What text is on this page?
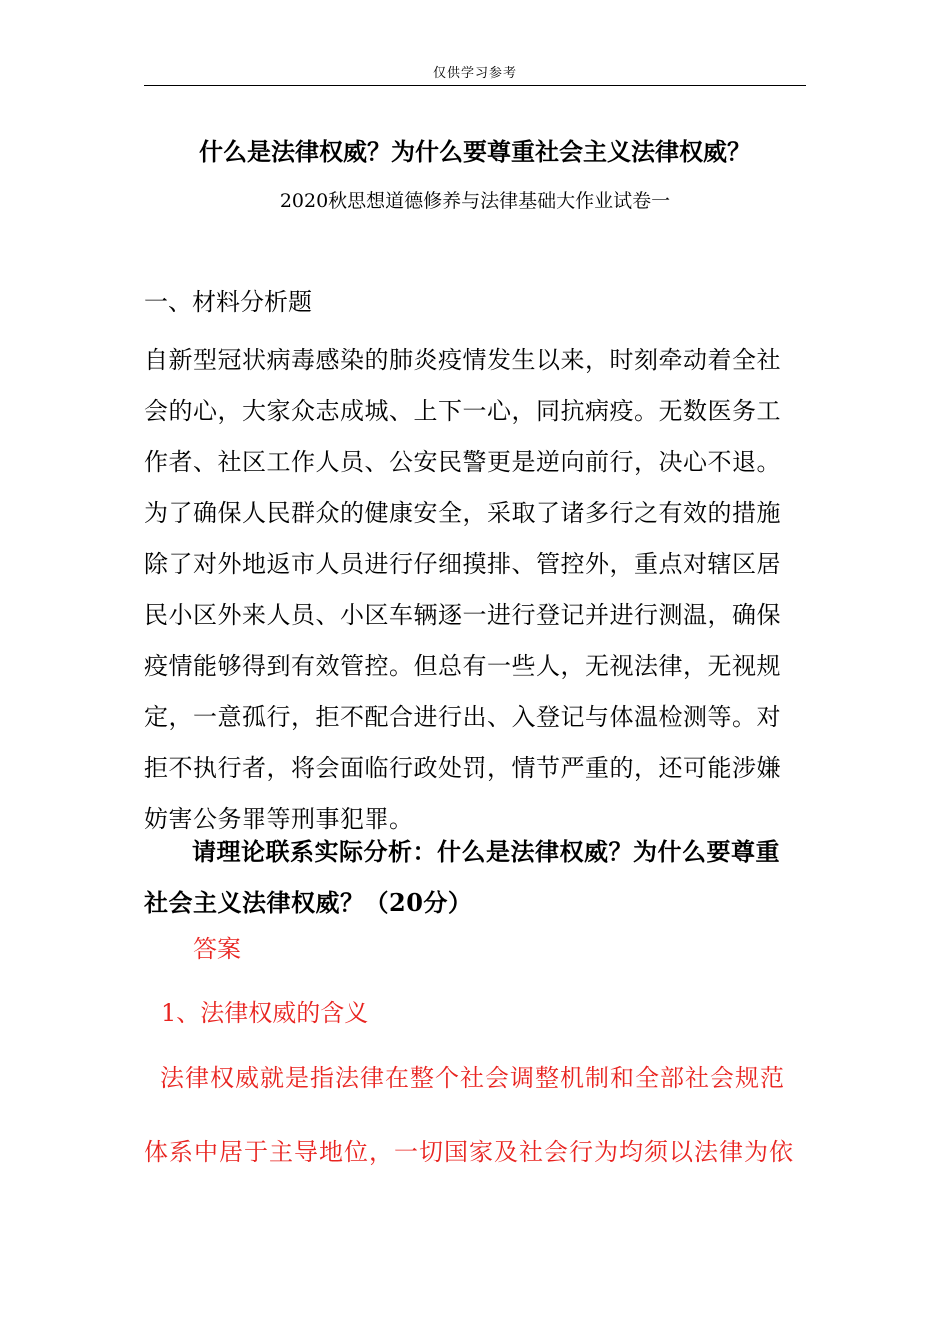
仅供学习参考
什么是法律权威？为什么要尊重社会主义法律权威？
2020秋思想道德修养与法律基础大作业试卷一
一、材料分析题
自新型冠状病毒感染的肺炎疫情发生以来，时刻牵动着全社
会的心，大家众志成城、上下一心，同抗病疫。无数医务工
作者、社区工作人员、公安民警更是逆向前行，决心不退。
为了确保人民群众的健康安全，采取了诸多行之有效的措施
除了对外地返市人员进行仔细摸排、管控外，重点对辖区居
民小区外来人员、小区车辆逐一进行登记并进行测温，确保
疫情能够得到有效管控。但总有一些人，无视法律，无视规
定，一意孤行，拒不配合进行出、入登记与体温检测等。对
拒不执行者，将会面临行政处罚，情节严重的，还可能涉嫌
妨害公务罪等刑事犯罪。
请理论联系实际分析：什么是法律权威？为什么要尊重
社会主义法律权威？（20分）
答案
1、法律权威的含义
法律权威就是指法律在整个社会调整机制和全部社会规范
体系中居于主导地位，一切国家及社会行为均须以法律为依
